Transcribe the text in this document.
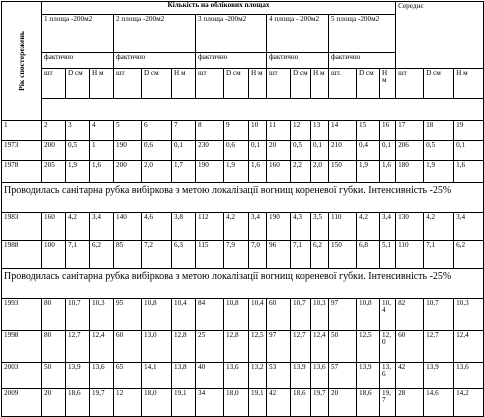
Рік спостережень	Кількість на облікових площах															Середнє		
	1 площа -200м2			2 площа -200м2			3 площа -200м2			4 площа - 200м2			5 площа -200м2					
	фактично			фактично			фактично			фактично			фактично					
	шт	D см	H м	шт	D см	H м	шт	D см	H м	шт	D см	H м	шт.	D см	H м	шт	D см	H м

1	2	3	4	5	6	7	8	9	10	11	12	13	14	15	16	17	18	19
1973	200	0,5	1	190	0,6	0,1	230	0,6	0,1	20	0,5	0,1	210	0,4	0,1	206	0,5	0,1
1978	205	1,9	1,6	200	2,0	1,7	190	1,9	1,6	160	2,2	2,0	150	1,9	1,6	180	1,9	1,6
Проводилась санітарна рубка вибіркова з метою локалізації вогнищ кореневої губки. Інтенсивність -25%																		
1983	160	4,2	3,4	140	4,6	3,8	112	4,2	3,4	190	4,3	3,5	110	4,2	3,4	130	4,2	3,4
1988	100	7,1	6,2	85	7,2	6,3	115	7,9	7,0	96	7,1	6,2	150	6,8	5,1	110	7,1	6,2
Проводилась санітарна рубка вибіркова з метою локалізації вогнищ кореневої губки. Інтенсивність -25%																		
1993	80	10,7	10,3	95	10,8	10,4	84	10,8	10,4	60	10,7	10,3	97	10,8	10,4	82	10,7	10,3
1998	80	12,7	12,4	60	13,0	12,8	25	12,8	12,5	97	12,7	12,4	50	12,5	12,0	60	12,7	12,4
2003	50	13,9	13,6	65	14,1	13,8	40	13,6	13,2	53	13,9	13,6	57	13,9	13,6	42	13,9	13,6
2009	20	18,6	19,7	12	18,0	19,1	34	18,0	19,1	42	18,6	19,7	20	18,6	19,7	28	14,6	14,2
